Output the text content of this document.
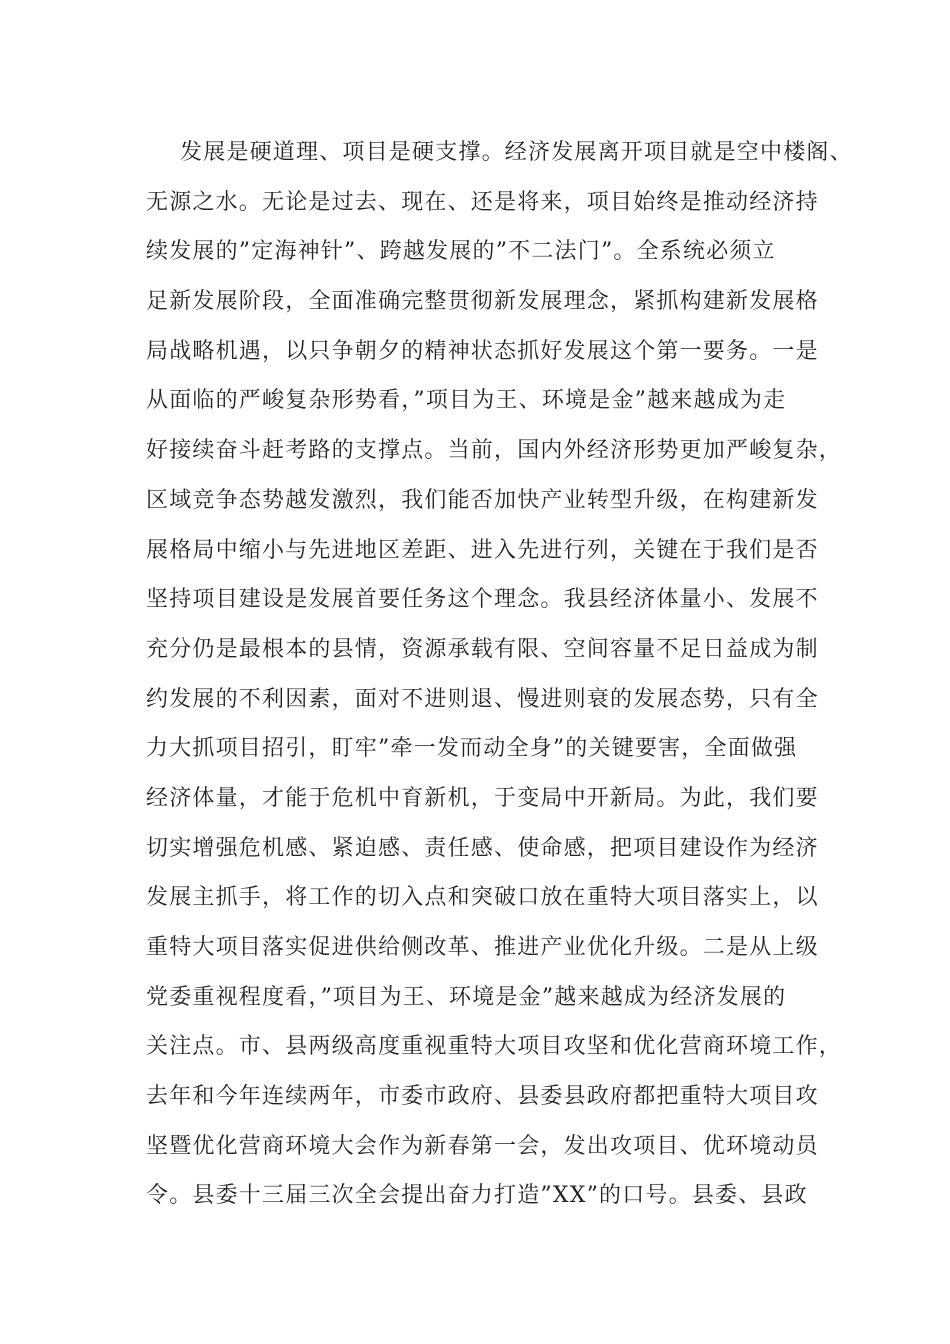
发展是硬道理、项目是硬支撑。经济发展离开项目就是空中楼阁、
无源之水。无论是过去、现在、还是将来，项目始终是推动经济持
续发展的”定海神针”、跨越发展的”不二法门”。全系统必须立
足新发展阶段，全面准确完整贯彻新发展理念，紧抓构建新发展格
局战略机遇，以只争朝夕的精神状态抓好发展这个第一要务。一是
从面临的严峻复杂形势看，”项目为王、环境是金”越来越成为走
好接续奋斗赶考路的支撑点。当前，国内外经济形势更加严峻复杂，
区域竞争态势越发激烈，我们能否加快产业转型升级，在构建新发
展格局中缩小与先进地区差距、进入先进行列，关键在于我们是否
坚持项目建设是发展首要任务这个理念。我县经济体量小、发展不
充分仍是最根本的县情，资源承载有限、空间容量不足日益成为制
约发展的不利因素，面对不进则退、慢进则衰的发展态势，只有全
力大抓项目招引，盯牢”牵一发而动全身”的关键要害，全面做强
经济体量，才能于危机中育新机，于变局中开新局。为此，我们要
切实增强危机感、紧迫感、责任感、使命感，把项目建设作为经济
发展主抓手，将工作的切入点和突破口放在重特大项目落实上，以
重特大项目落实促进供给侧改革、推进产业优化升级。二是从上级
党委重视程度看，”项目为王、环境是金”越来越成为经济发展的
关注点。市、县两级高度重视重特大项目攻坚和优化营商环境工作，
去年和今年连续两年，市委市政府、县委县政府都把重特大项目攻
坚暨优化营商环境大会作为新春第一会，发出攻项目、优环境动员
令。县委十三届三次全会提出奋力打造”XX”的口号。县委、县政
